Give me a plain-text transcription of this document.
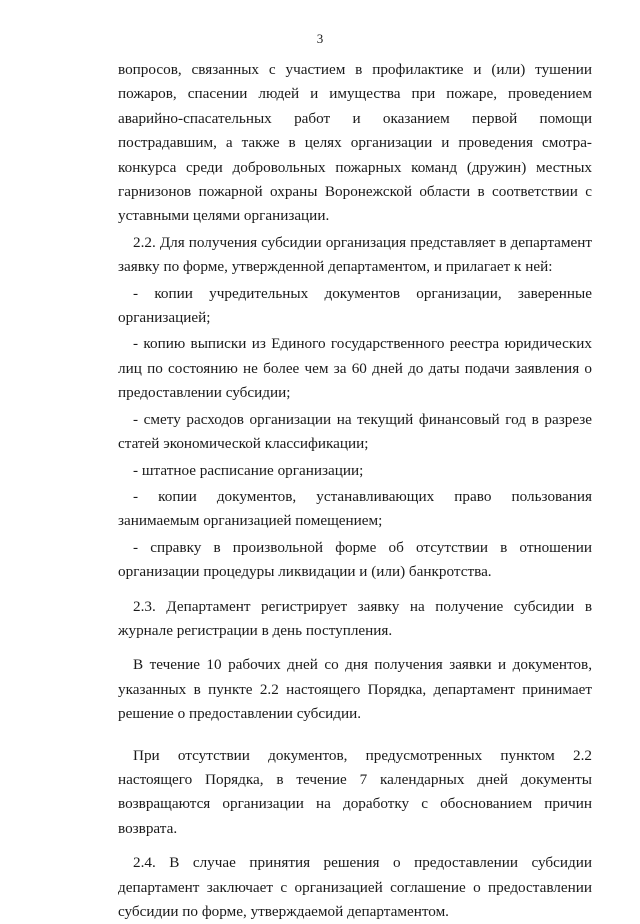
3

вопросов, связанных с участием в профилактике и (или) тушении пожаров, спасении людей и имущества при пожаре, проведением аварийно-спасательных работ и оказанием первой помощи пострадавшим, а также в целях организации и проведения смотра-конкурса среди добровольных пожарных команд (дружин) местных гарнизонов пожарной охраны Воронежской области в соответствии с уставными целями организации.

2.2. Для получения субсидии организация представляет в департамент заявку по форме, утвержденной департаментом, и прилагает к ней:

- копии учредительных документов организации, заверенные организацией;

- копию выписки из Единого государственного реестра юридических лиц по состоянию не более чем за 60 дней до даты подачи заявления о предоставлении субсидии;

- смету расходов организации на текущий финансовый год в разрезе статей экономической классификации;

- штатное расписание организации;

- копии документов, устанавливающих право пользования занимаемым организацией помещением;

- справку в произвольной форме об отсутствии в отношении организации процедуры ликвидации и (или) банкротства.

2.3. Департамент регистрирует заявку на получение субсидии в журнале регистрации в день поступления.

В течение 10 рабочих дней со дня получения заявки и документов, указанных в пункте 2.2 настоящего Порядка, департамент принимает решение о предоставлении субсидии.

При отсутствии документов, предусмотренных пунктом 2.2 настоящего Порядка, в течение 7 календарных дней документы возвращаются организации на доработку с обоснованием причин возврата.

2.4. В случае принятия решения о предоставлении субсидии департамент заключает с организацией соглашение о предоставлении субсидии по форме, утверждаемой департаментом.
